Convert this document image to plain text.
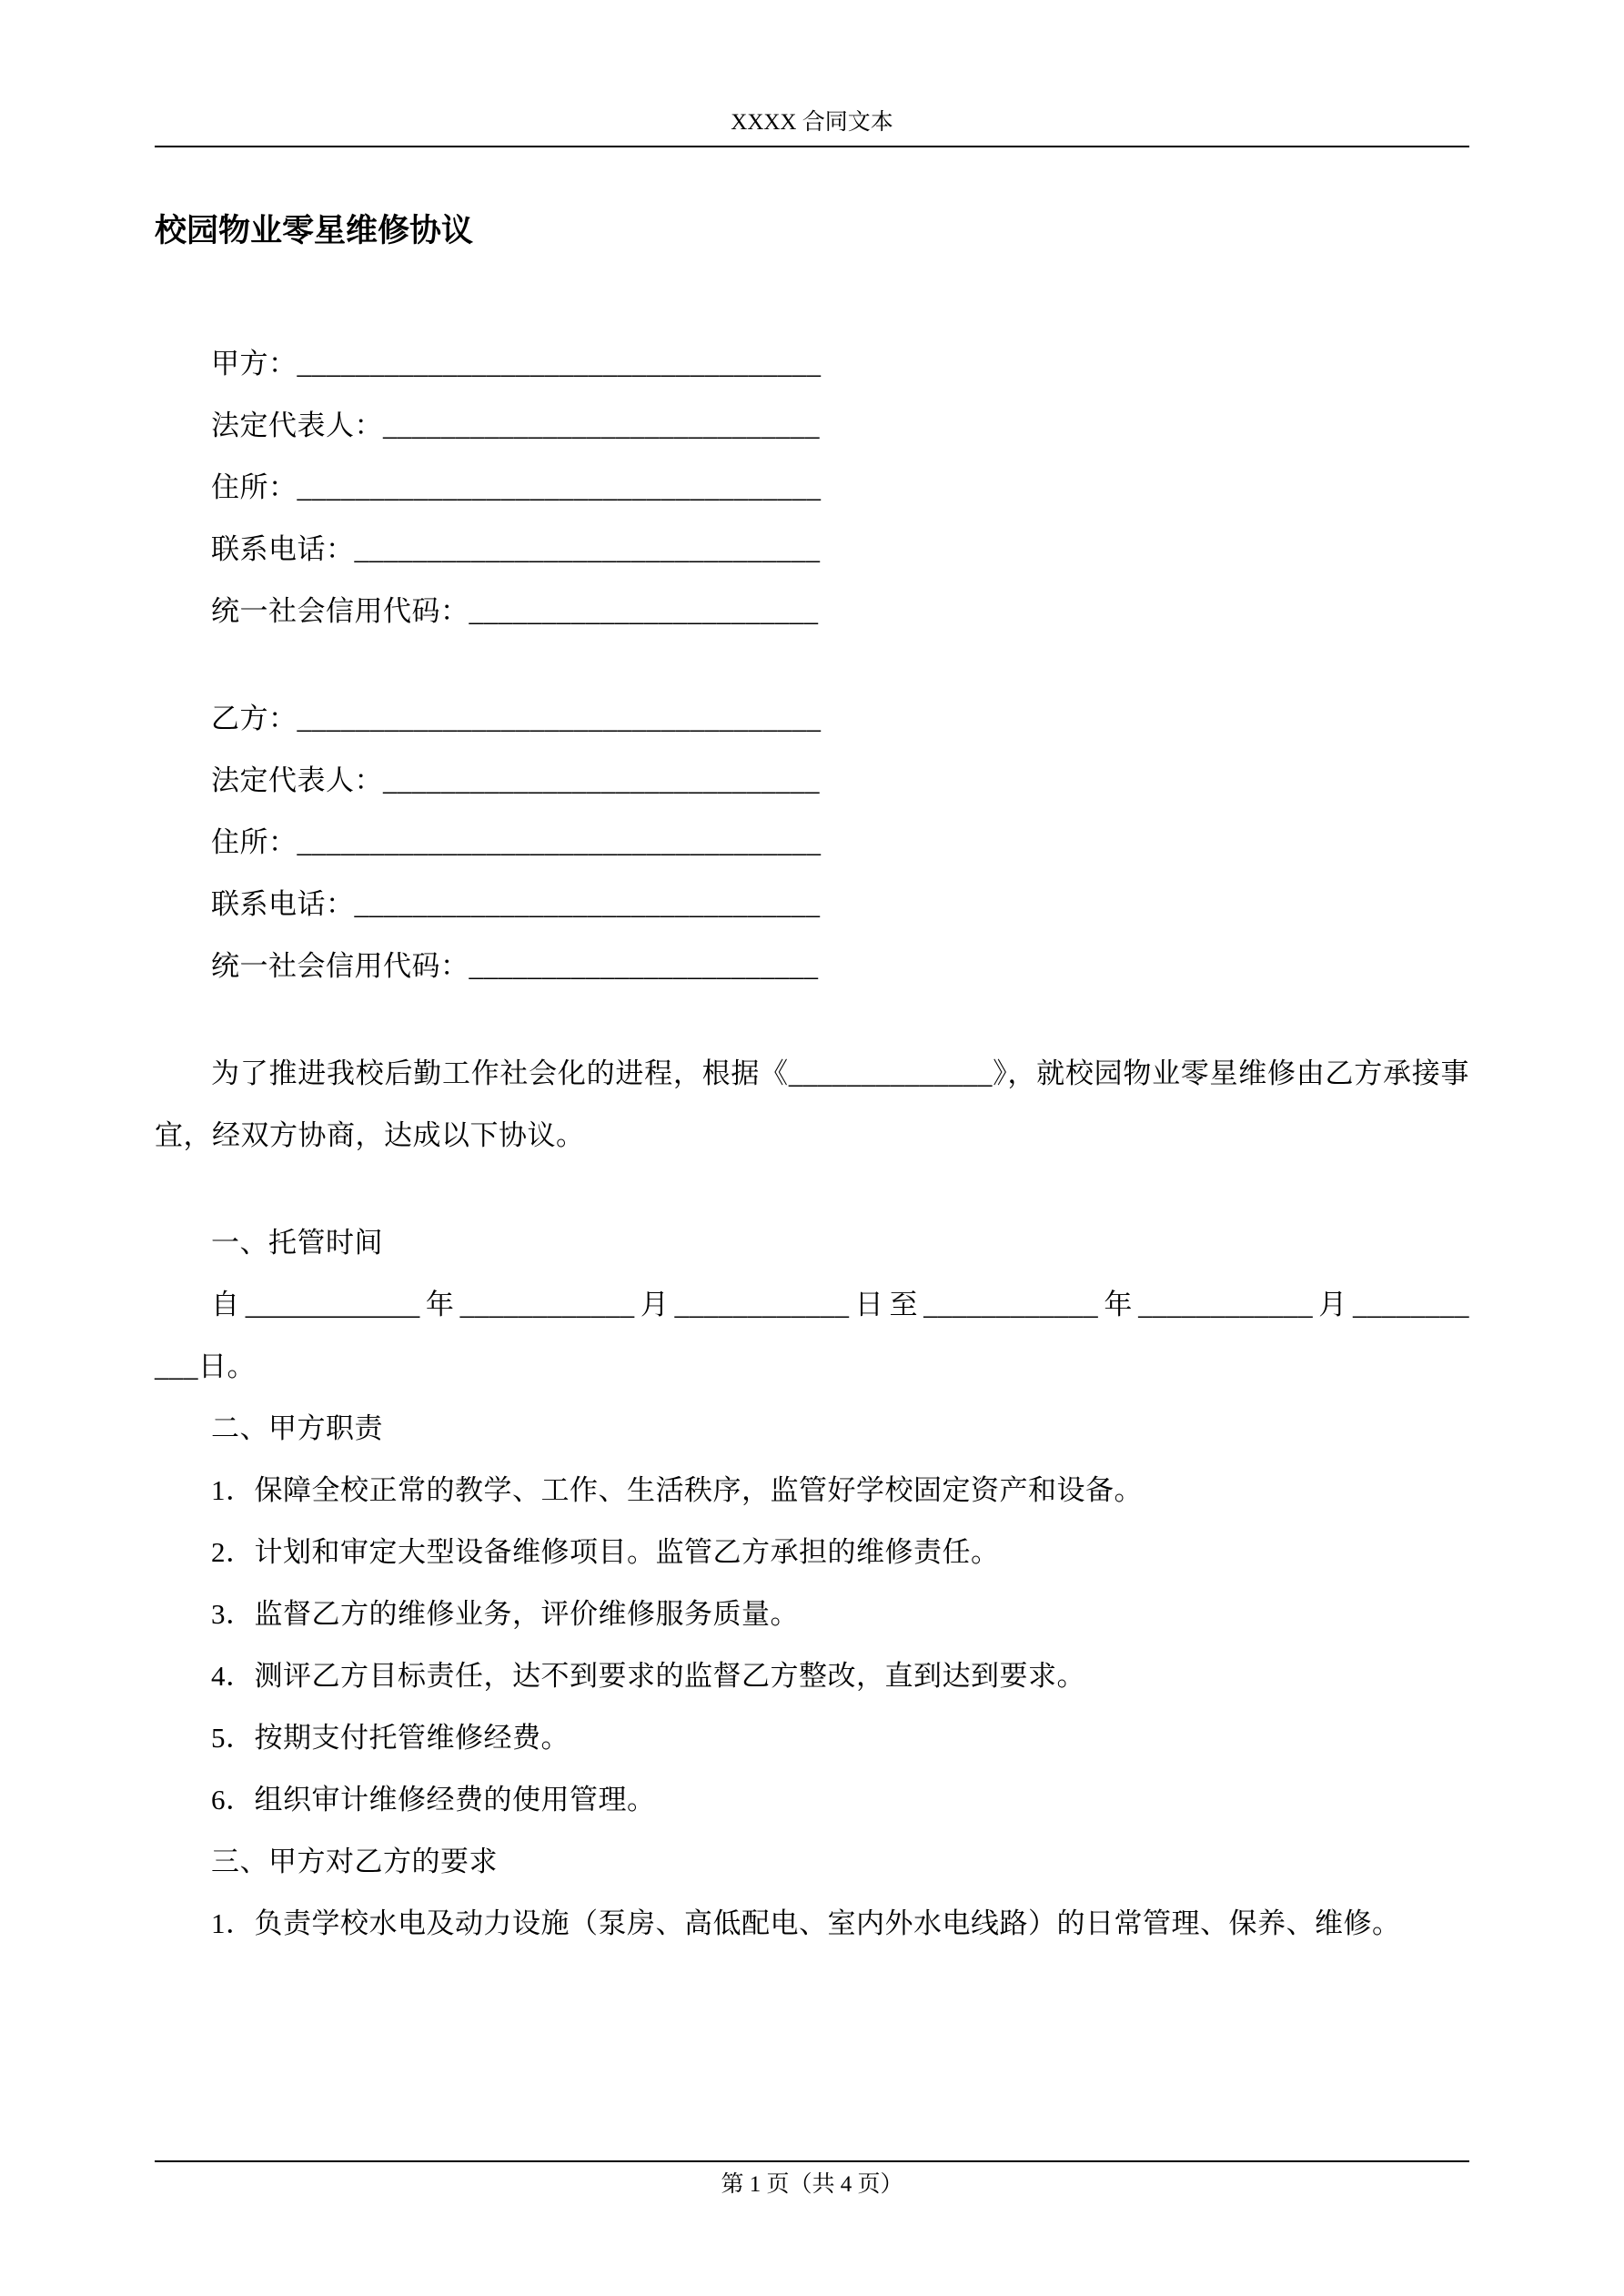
XXXX 合同文本
校园物业零星维修协议

甲方：____________________________________

法定代表人：______________________________

住所：____________________________________

联系电话：________________________________

统一社会信用代码：________________________

乙方：____________________________________

法定代表人：______________________________

住所：____________________________________

联系电话：________________________________

统一社会信用代码：________________________

为了推进我校后勤工作社会化的进程，根据《______________》，就校园物业零星维修由乙方承接事宜，经双方协商，达成以下协议。

一、托管时间

自____________年____________月____________日至____________年____________月________

___日。

二、甲方职责

1．保障全校正常的教学、工作、生活秩序，监管好学校固定资产和设备。

2．计划和审定大型设备维修项目。监管乙方承担的维修责任。

3．监督乙方的维修业务，评价维修服务质量。

4．测评乙方目标责任，达不到要求的监督乙方整改，直到达到要求。

5．按期支付托管维修经费。

6．组织审计维修经费的使用管理。

三、甲方对乙方的要求

1．负责学校水电及动力设施（泵房、高低配电、室内外水电线路）的日常管理、保养、维修。

第 1 页（共 4 页）
